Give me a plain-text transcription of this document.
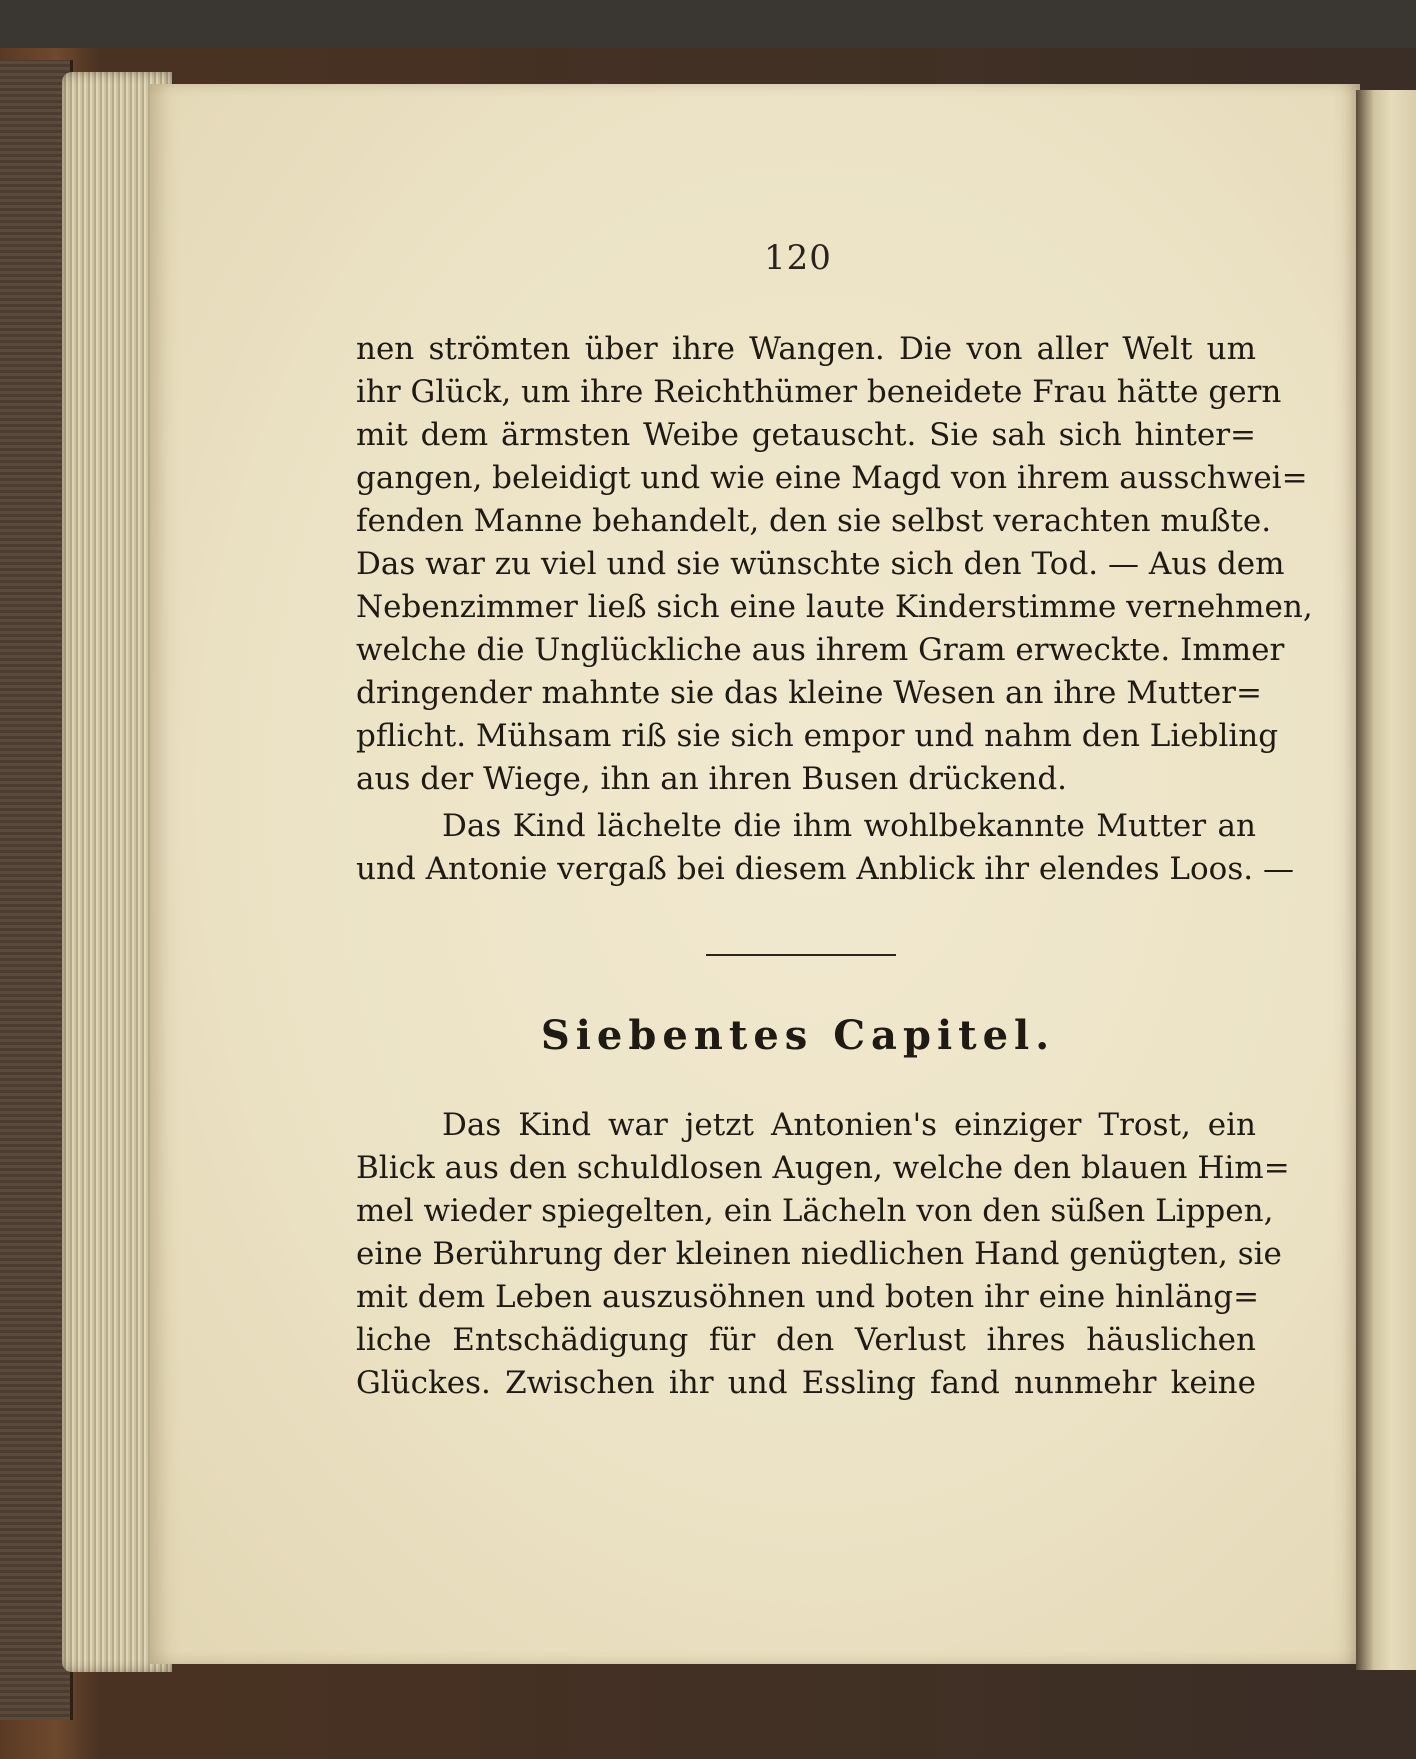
120
nen strömten über ihre Wangen. Die von aller Welt um
ihr Glück, um ihre Reichthümer beneidete Frau hätte gern
mit dem ärmsten Weibe getauscht. Sie sah sich hinter=
gangen, beleidigt und wie eine Magd von ihrem ausschwei=
fenden Manne behandelt, den sie selbst verachten mußte.
Das war zu viel und sie wünschte sich den Tod. — Aus dem
Nebenzimmer ließ sich eine laute Kinderstimme vernehmen,
welche die Unglückliche aus ihrem Gram erweckte. Immer
dringender mahnte sie das kleine Wesen an ihre Mutter=
pflicht. Mühsam riß sie sich empor und nahm den Liebling
aus der Wiege, ihn an ihren Busen drückend.
Das Kind lächelte die ihm wohlbekannte Mutter an
und Antonie vergaß bei diesem Anblick ihr elendes Loos. —
Siebentes Capitel.
Das Kind war jetzt Antonien's einziger Trost, ein
Blick aus den schuldlosen Augen, welche den blauen Him=
mel wieder spiegelten, ein Lächeln von den süßen Lippen,
eine Berührung der kleinen niedlichen Hand genügten, sie
mit dem Leben auszusöhnen und boten ihr eine hinläng=
liche Entschädigung für den Verlust ihres häuslichen
Glückes. Zwischen ihr und Essling fand nunmehr keine
